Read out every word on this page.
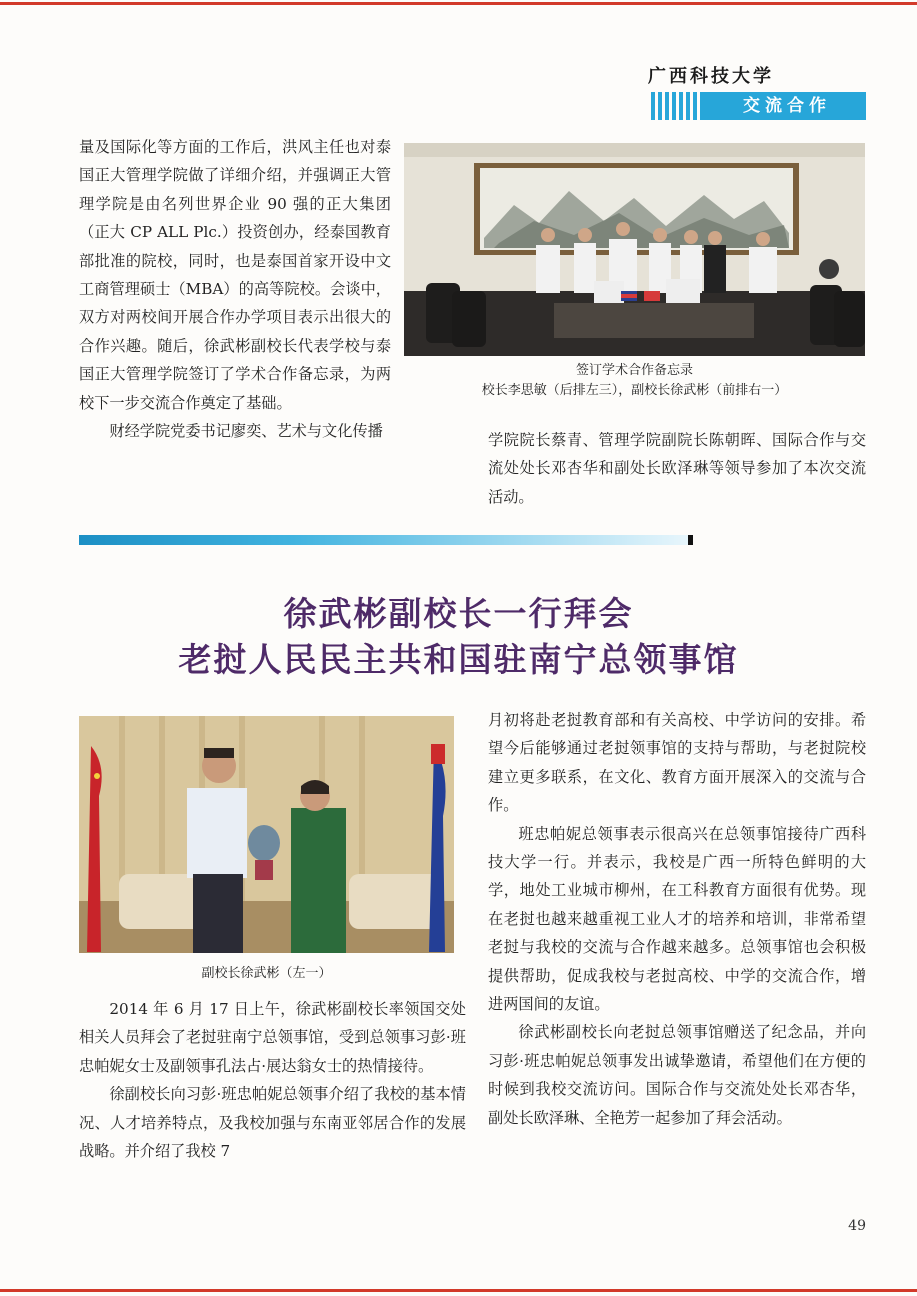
广西科技大学
交流合作

量及国际化等方面的工作后，洪风主任也对泰国正大管理学院做了详细介绍，并强调正大管理学院是由名列世界企业 90 强的正大集团（正大 CP ALL Plc.）投资创办，经泰国教育部批准的院校，同时，也是泰国首家开设中文工商管理硕士（MBA）的高等院校。会谈中，双方对两校间开展合作办学项目表示出很大的合作兴趣。随后，徐武彬副校长代表学校与泰国正大管理学院签订了学术合作备忘录，为两校下一步交流合作奠定了基础。

财经学院党委书记廖奕、艺术与文化传播

签订学术合作备忘录
校长李思敏（后排左三），副校长徐武彬（前排右一）

学院院长蔡青、管理学院副院长陈朝晖、国际合作与交流处处长邓杏华和副处长欧泽琳等领导参加了本次交流活动。

徐武彬副校长一行拜会
老挝人民民主共和国驻南宁总领事馆
副校长徐武彬（左一）

2014 年 6 月 17 日上午，徐武彬副校长率领国交处相关人员拜会了老挝驻南宁总领事馆，受到总领事习彭·班忠帕妮女士及副领事孔法占·展达翁女士的热情接待。

徐副校长向习彭·班忠帕妮总领事介绍了我校的基本情况、人才培养特点，及我校加强与东南亚邻居合作的发展战略。并介绍了我校 7

月初将赴老挝教育部和有关高校、中学访问的安排。希望今后能够通过老挝领事馆的支持与帮助，与老挝院校建立更多联系，在文化、教育方面开展深入的交流与合作。

班忠帕妮总领事表示很高兴在总领事馆接待广西科技大学一行。并表示，我校是广西一所特色鲜明的大学，地处工业城市柳州，在工科教育方面很有优势。现在老挝也越来越重视工业人才的培养和培训，非常希望老挝与我校的交流与合作越来越多。总领事馆也会积极提供帮助，促成我校与老挝高校、中学的交流合作，增进两国间的友谊。

徐武彬副校长向老挝总领事馆赠送了纪念品，并向习彭·班忠帕妮总领事发出诚挚邀请，希望他们在方便的时候到我校交流访问。国际合作与交流处处长邓杏华，副处长欧泽琳、全艳芳一起参加了拜会活动。

49
